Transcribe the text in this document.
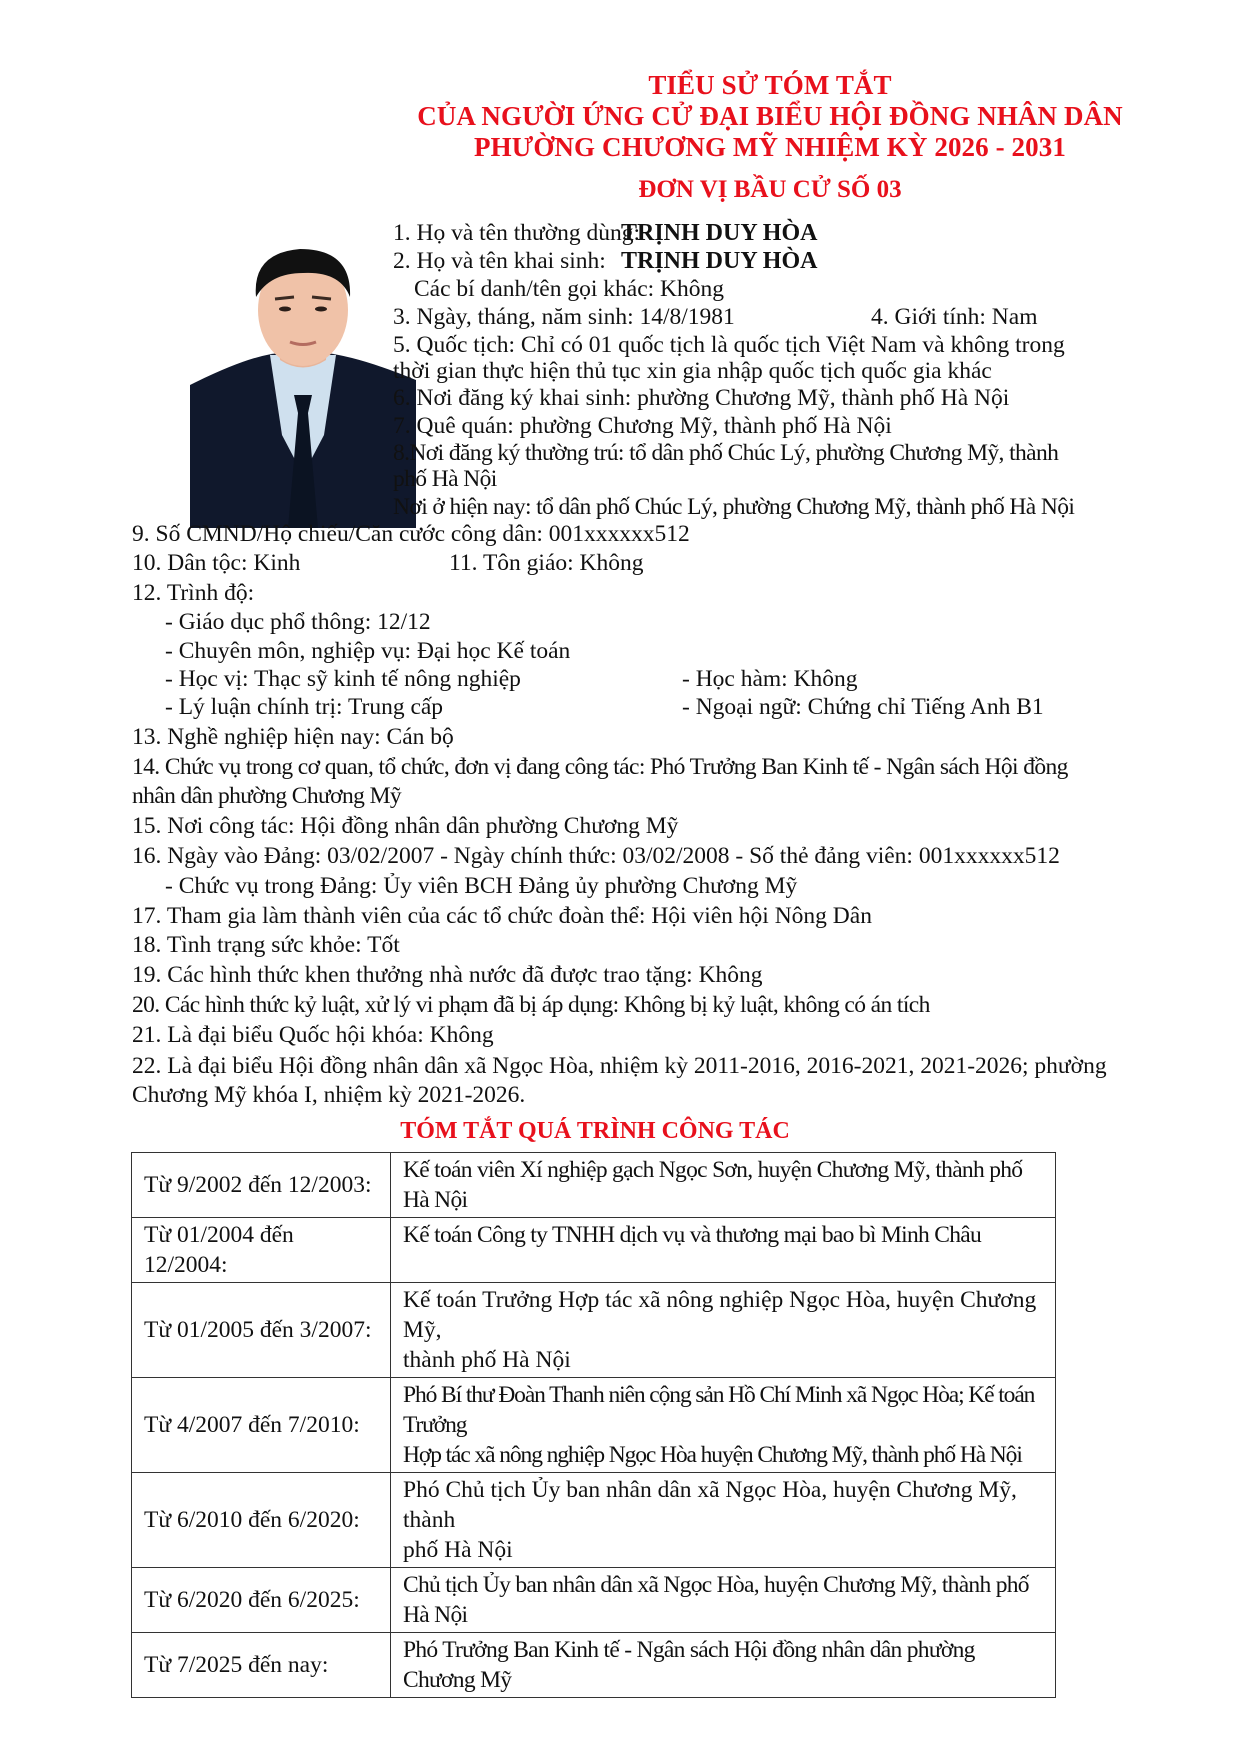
TIỂU SỬ TÓM TẮT
CỦA NGƯỜI ỨNG CỬ ĐẠI BIỂU HỘI ĐỒNG NHÂN DÂN
PHƯỜNG CHƯƠNG MỸ NHIỆM KỲ 2026 - 2031
ĐƠN VỊ BẦU CỬ SỐ 03
1. Họ và tên thường dùng:
TRỊNH DUY HÒA
2. Họ và tên khai sinh: TRỊNH DUY HÒA
Các bí danh/tên gọi khác: Không
3. Ngày, tháng, năm sinh: 14/8/1981	4. Giới tính: Nam
5. Quốc tịch: Chỉ có 01 quốc tịch là quốc tịch Việt Nam và không trong
thời gian thực hiện thủ tục xin gia nhập quốc tịch quốc gia khác
6. Nơi đăng ký khai sinh: phường Chương Mỹ, thành phố Hà Nội
7. Quê quán: phường Chương Mỹ, thành phố Hà Nội
8.Nơi đăng ký thường trú: tổ dân phố Chúc Lý, phường Chương Mỹ, thành
phố Hà Nội
Nơi ở hiện nay: tổ dân phố Chúc Lý, phường Chương Mỹ, thành phố Hà Nội
9. Số CMND/Hộ chiếu/Căn cước công dân: 001xxxxxx512
10. Dân tộc: Kinh	11. Tôn giáo: Không
12. Trình độ:
- Giáo dục phổ thông: 12/12
- Chuyên môn, nghiệp vụ: Đại học Kế toán
- Học vị: Thạc sỹ kinh tế nông nghiệp	- Học hàm: Không
- Lý luận chính trị: Trung cấp	- Ngoại ngữ: Chứng chỉ Tiếng Anh B1
13. Nghề nghiệp hiện nay: Cán bộ
14. Chức vụ trong cơ quan, tổ chức, đơn vị đang công tác: Phó Trưởng Ban Kinh tế - Ngân sách Hội đồng
nhân dân phường Chương Mỹ
15. Nơi công tác: Hội đồng nhân dân phường Chương Mỹ
16. Ngày vào Đảng: 03/02/2007 - Ngày chính thức: 03/02/2008 - Số thẻ đảng viên: 001xxxxxx512
- Chức vụ trong Đảng: Ủy viên BCH Đảng ủy phường Chương Mỹ
17. Tham gia làm thành viên của các tổ chức đoàn thể: Hội viên hội Nông Dân
18. Tình trạng sức khỏe: Tốt
19. Các hình thức khen thưởng nhà nước đã được trao tặng: Không
20. Các hình thức kỷ luật, xử lý vi phạm đã bị áp dụng: Không bị kỷ luật, không có án tích
21. Là đại biểu Quốc hội khóa: Không
22. Là đại biểu Hội đồng nhân dân xã Ngọc Hòa, nhiệm kỳ 2011-2016, 2016-2021, 2021-2026; phường
Chương Mỹ khóa I, nhiệm kỳ 2021-2026.
TÓM TẮT QUÁ TRÌNH CÔNG TÁC
Từ 9/2002 đến 12/2003:	Kế toán viên Xí nghiệp gạch Ngọc Sơn, huyện Chương Mỹ, thành phố Hà Nội

Từ 01/2004 đến
12/2004:	Kế toán Công ty TNHH dịch vụ và thương mại bao bì Minh Châu
Từ 01/2005 đến 3/2007:	Kế toán Trưởng Hợp tác xã nông nghiệp Ngọc Hòa, huyện Chương Mỹ,
thành phố Hà Nội

Từ 4/2007 đến 7/2010:	Phó Bí thư Đoàn Thanh niên cộng sản Hồ Chí Minh xã Ngọc Hòa; Kế toán Trưởng
Hợp tác xã nông nghiệp Ngọc Hòa huyện Chương Mỹ, thành phố Hà Nội

Từ 6/2010 đến 6/2020:	Phó Chủ tịch Ủy ban nhân dân xã Ngọc Hòa, huyện Chương Mỹ, thành
phố Hà Nội

Từ 6/2020 đến 6/2025:	Chủ tịch Ủy ban nhân dân xã Ngọc Hòa, huyện Chương Mỹ, thành phố Hà Nội
Từ 7/2025 đến nay:	Phó Trưởng Ban Kinh tế - Ngân sách Hội đồng nhân dân phường Chương Mỹ
